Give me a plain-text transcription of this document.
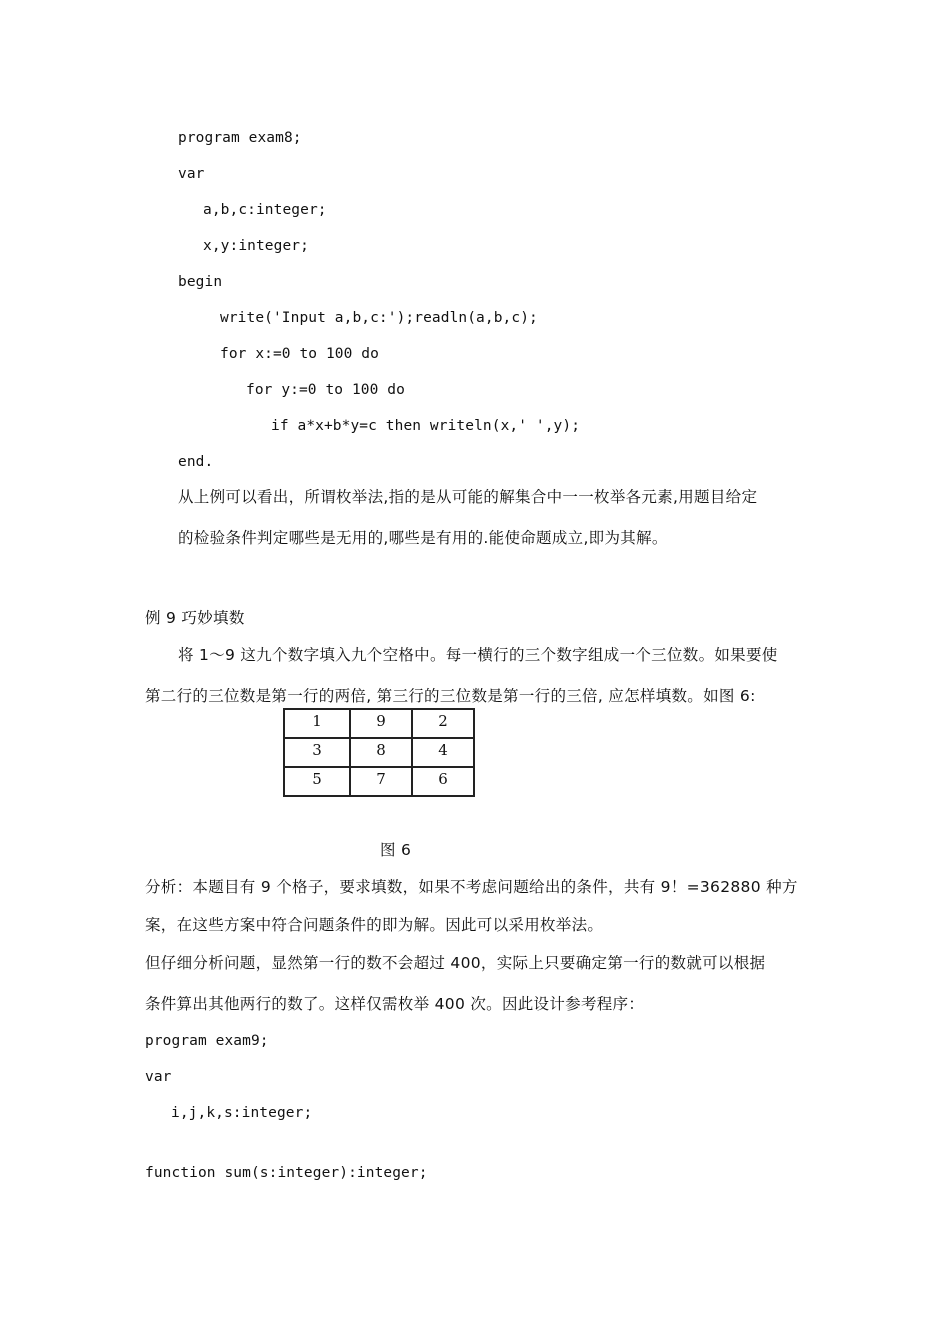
program exam8;
var
a,b,c:integer;
x,y:integer;
begin
write('Input a,b,c:');readln(a,b,c);
for x:=0 to 100 do
for y:=0 to 100 do
if a*x+b*y=c then writeln(x,' ',y);
end.
从上例可以看出，所谓枚举法,指的是从可能的解集合中一一枚举各元素,用题目给定
的检验条件判定哪些是无用的,哪些是有用的.能使命题成立,即为其解。
例 9 巧妙填数
将 1～9 这九个数字填入九个空格中。每一横行的三个数字组成一个三位数。如果要使
第二行的三位数是第一行的两倍, 第三行的三位数是第一行的三倍, 应怎样填数。如图 6:
1	9	2

3	8	4

5	7	6
图 6
分析：本题目有 9 个格子，要求填数，如果不考虑问题给出的条件，共有 9！=362880 种方
案，在这些方案中符合问题条件的即为解。因此可以采用枚举法。
但仔细分析问题，显然第一行的数不会超过 400，实际上只要确定第一行的数就可以根据
条件算出其他两行的数了。这样仅需枚举 400 次。因此设计参考程序：
program exam9;
var
i,j,k,s:integer;
function sum(s:integer):integer;
